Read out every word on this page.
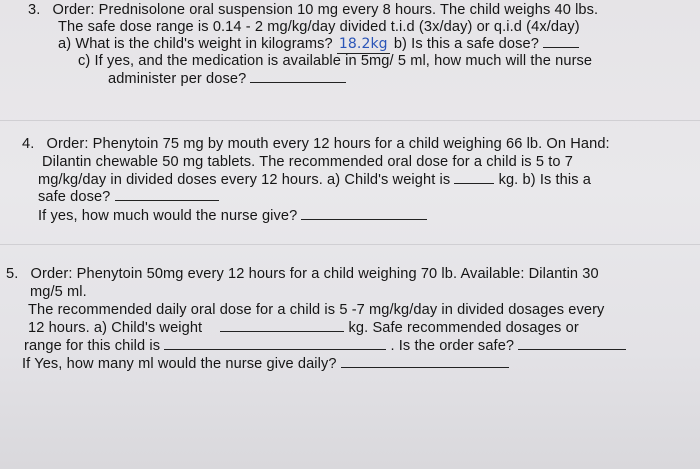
3. Order: Prednisolone oral suspension 10 mg every 8 hours. The child weighs 40 lbs.
The safe dose range is 0.14 - 2 mg/kg/day divided t.i.d (3x/day) or q.i.d (4x/day)
a) What is the child's weight in kilograms? 18.2kg b) Is this a safe dose?
c) If yes, and the medication is available in 5mg/ 5 ml, how much will the nurse
administer per dose?
4. Order: Phenytoin 75 mg by mouth every 12 hours for a child weighing 66 lb. On Hand:
Dilantin chewable 50 mg tablets. The recommended oral dose for a child is 5 to 7
mg/kg/day in divided doses every 12 hours. a) Child's weight is	kg. b) Is this a
safe dose?
If yes, how much would the nurse give?
5. Order: Phenytoin 50mg every 12 hours for a child weighing 70 lb. Available: Dilantin 30
mg/5 ml.
The recommended daily oral dose for a child is 5 -7 mg/kg/day in divided dosages every
12 hours. a) Child's weight	kg. Safe recommended dosages or
range for this child is	. Is the order safe?
If Yes, how many ml would the nurse give daily?
